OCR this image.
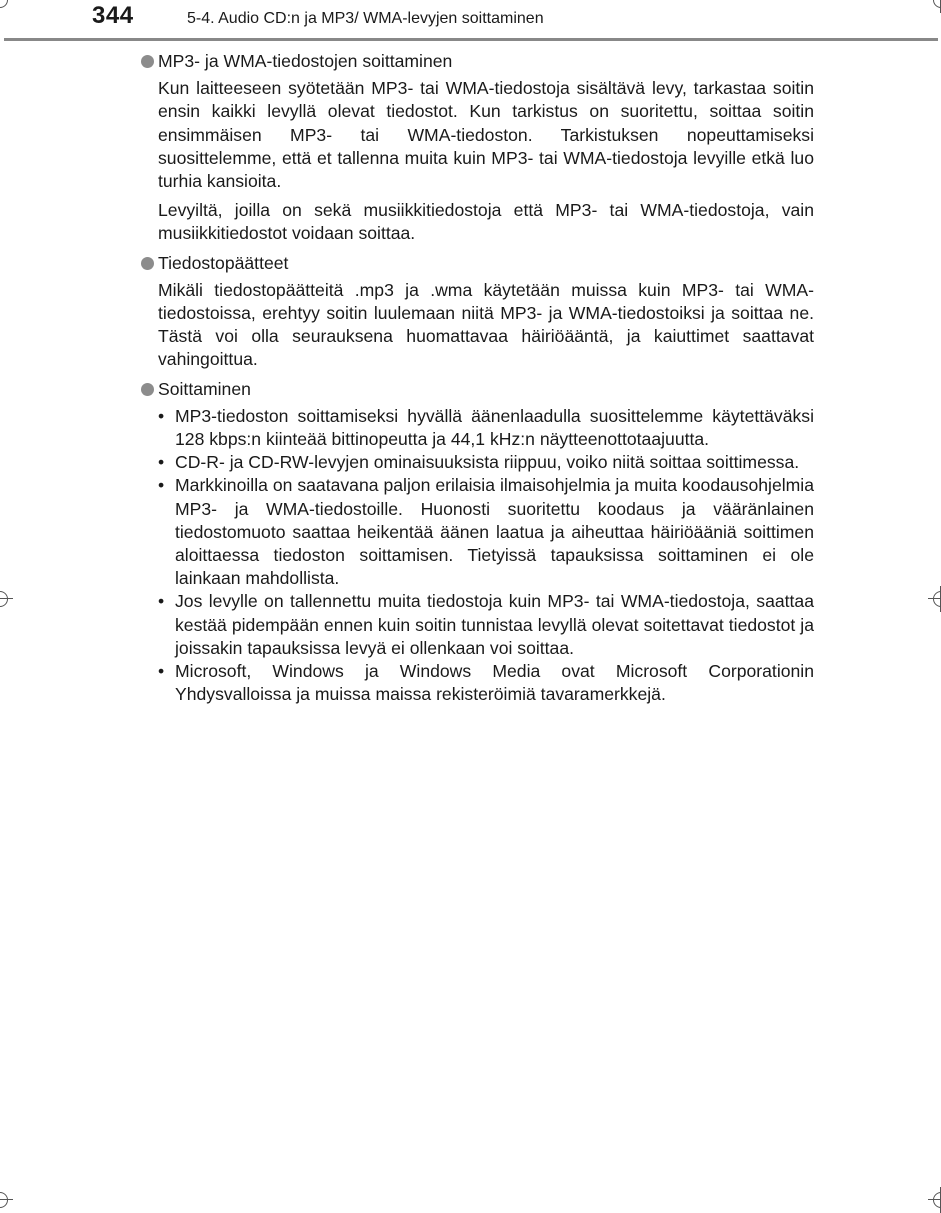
344	5-4. Audio CD:n ja MP3/ WMA-levyjen soittaminen
MP3- ja WMA-tiedostojen soittaminen

Kun laitteeseen syötetään MP3- tai WMA-tiedostoja sisältävä levy, tarkastaa soitin ensin kaikki levyllä olevat tiedostot. Kun tarkistus on suoritettu, soittaa soitin ensimmäisen MP3- tai WMA-tiedoston. Tarkistuksen nopeuttamiseksi suosittelemme, että et tallenna muita kuin MP3- tai WMA-tiedostoja levyille etkä luo turhia kansioita.

Levyiltä, joilla on sekä musiikkitiedostoja että MP3- tai WMA-tiedostoja, vain musiikkitiedostot voidaan soittaa.

Tiedostopäätteet

Mikäli tiedostopäätteitä .mp3 ja .wma käytetään muissa kuin MP3- tai WMA-tiedostoissa, erehtyy soitin luulemaan niitä MP3- ja WMA-tiedostoiksi ja soittaa ne. Tästä voi olla seurauksena huomattavaa häiriöääntä, ja kaiuttimet saattavat vahingoittua.

Soittaminen
• MP3-tiedoston soittamiseksi hyvällä äänenlaadulla suosittelemme käytettäväksi 128 kbps:n kiinteää bittinopeutta ja 44,1 kHz:n näytteenottotaajuutta.
• CD-R- ja CD-RW-levyjen ominaisuuksista riippuu, voiko niitä soittaa soittimessa.
• Markkinoilla on saatavana paljon erilaisia ilmaisohjelmia ja muita koodausohjelmia MP3- ja WMA-tiedostoille. Huonosti suoritettu koodaus ja vääränlainen tiedostomuoto saattaa heikentää äänen laatua ja aiheuttaa häiriöääniä soittimen aloittaessa tiedoston soittamisen. Tietyissä tapauksissa soittaminen ei ole lainkaan mahdollista.
• Jos levylle on tallennettu muita tiedostoja kuin MP3- tai WMA-tiedostoja, saattaa kestää pidempään ennen kuin soitin tunnistaa levyllä olevat soitettavat tiedostot ja joissakin tapauksissa levyä ei ollenkaan voi soittaa.
• Microsoft, Windows ja Windows Media ovat Microsoft Corporationin Yhdysvalloissa ja muissa maissa rekisteröimiä tavaramerkkejä.
